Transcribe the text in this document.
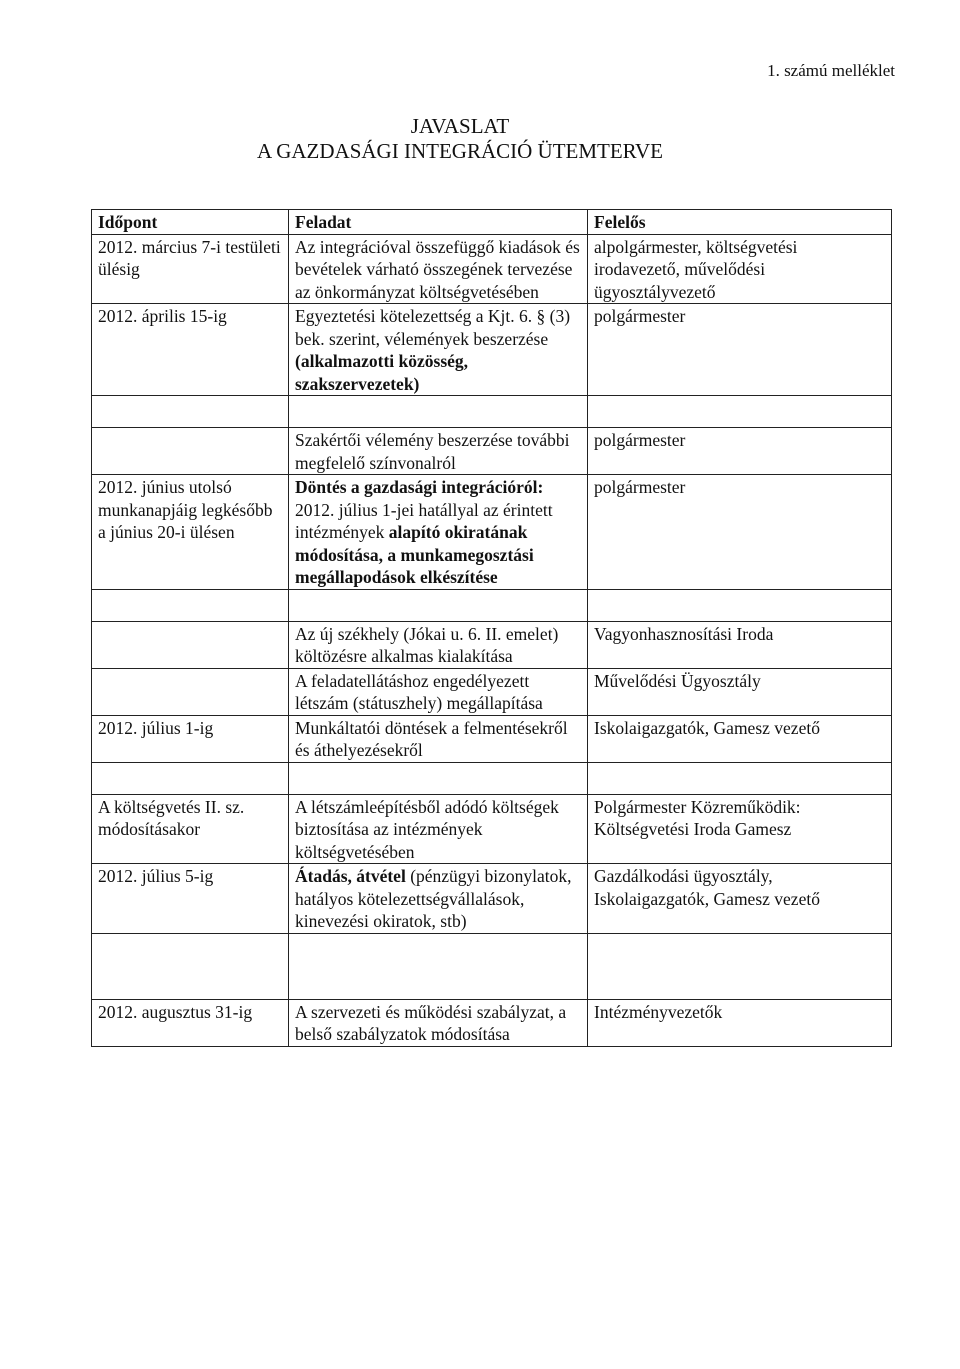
1. számú melléklet
JAVASLAT
A GAZDASÁGI INTEGRÁCIÓ ÜTEMTERVE
Időpont	Feladat	Felelős
2012. március 7-i testületi ülésig	Az integrációval összefüggő kiadások és bevételek várható összegének tervezése az önkormányzat költségvetésében	alpolgármester, költségvetési irodavezető, művelődési ügyosztályvezető
2012. április 15-ig	Egyeztetési kötelezettség a Kjt. 6. § (3) bek. szerint, vélemények beszerzése (alkalmazotti közösség, szakszervezetek)	polgármester

	Szakértői vélemény beszerzése további megfelelő színvonalról	polgármester
2012. június utolsó munkanapjáig legkésőbb a június 20-i ülésen	Döntés a gazdasági integrációról: 2012. július 1-jei hatállyal az érintett intézmények alapító okiratának módosítása, a munkamegosztási megállapodások elkészítése	polgármester

	Az új székhely (Jókai u. 6. II. emelet) költözésre alkalmas kialakítása	Vagyonhasznosítási Iroda
	A feladatellátáshoz engedélyezett létszám (státuszhely) megállapítása	Művelődési Ügyosztály
2012. július 1-ig	Munkáltatói döntések a felmentésekről és áthelyezésekről	Iskolaigazgatók, Gamesz vezető

A költségvetés II. sz. módosításakor	A létszámleépítésből adódó költségek biztosítása az intézmények költségvetésében	Polgármester Közreműködik: Költségvetési Iroda Gamesz
2012. július 5-ig	Átadás, átvétel (pénzügyi bizonylatok, hatályos kötelezettségvállalások, kinevezési okiratok, stb)	Gazdálkodási ügyosztály, Iskolaigazgatók, Gamesz vezető

2012. augusztus 31-ig	A szervezeti és működési szabályzat, a belső szabályzatok módosítása	Intézményvezetők
